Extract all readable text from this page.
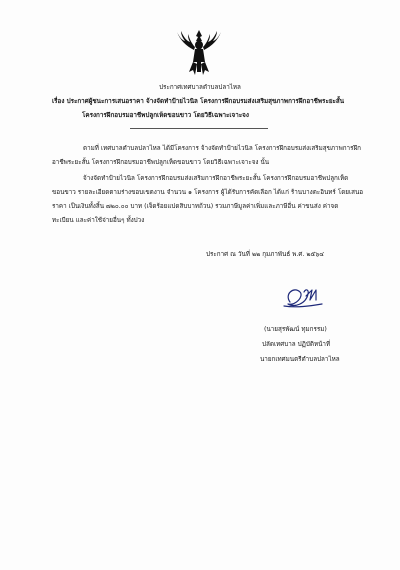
ประกาศเทศบาลตำบลปลาไหล
เรื่อง ประกาศผู้ชนะการเสนอราคา จ้างจัดทำป้ายไวนิล โครงการฝึกอบรมส่งเสริมสุขภาพการฝึกอาชีพระยะสั้น
โครงการฝึกอบรมอาชีพปลูกเห็ดขอนขาว โดยวิธีเฉพาะเจาะจง
ตามที่ เทศบาลตำบลปลาไหล ได้มีโครงการ จ้างจัดทำป้ายไวนิล โครงการฝึกอบรมส่งเสริมสุขภาพการฝึก
อาชีพระยะสั้น โครงการฝึกอบรมอาชีพปลูกเห็ดขอนขาว โดยวิธีเฉพาะเจาะจง นั้น
จ้างจัดทำป้ายไวนิล โครงการฝึกอบรมส่งเสริมการฝึกอาชีพระยะสั้น โครงการฝึกอบรมอาชีพปลูกเห็ด
ขอนขาว รายละเอียดตามร่างขอบเขตงาน จำนวน ๑ โครงการ ผู้ได้รับการคัดเลือก ได้แก่ ร้านบางตะอินทร์ โดยเสนอ
ราคา เป็นเงินทั้งสิ้น ๗๒๐.๐๐ บาท (เจ็ดร้อยแปดสิบบาทถ้วน) รวมภาษีมูลค่าเพิ่มและภาษีอื่น ค่าขนส่ง ค่าจด
ทะเบียน และค่าใช้จ่ายอื่นๆ ทั้งปวง
ประกาศ ณ วันที่ ๒๒ กุมภาพันธ์ พ.ศ. ๒๕๖๔
(นายสุรพัฒน์ ทุมกรรม)
ปลัดเทศบาล ปฏิบัติหน้าที่
นายกเทศมนตรีตำบลปลาไหล
